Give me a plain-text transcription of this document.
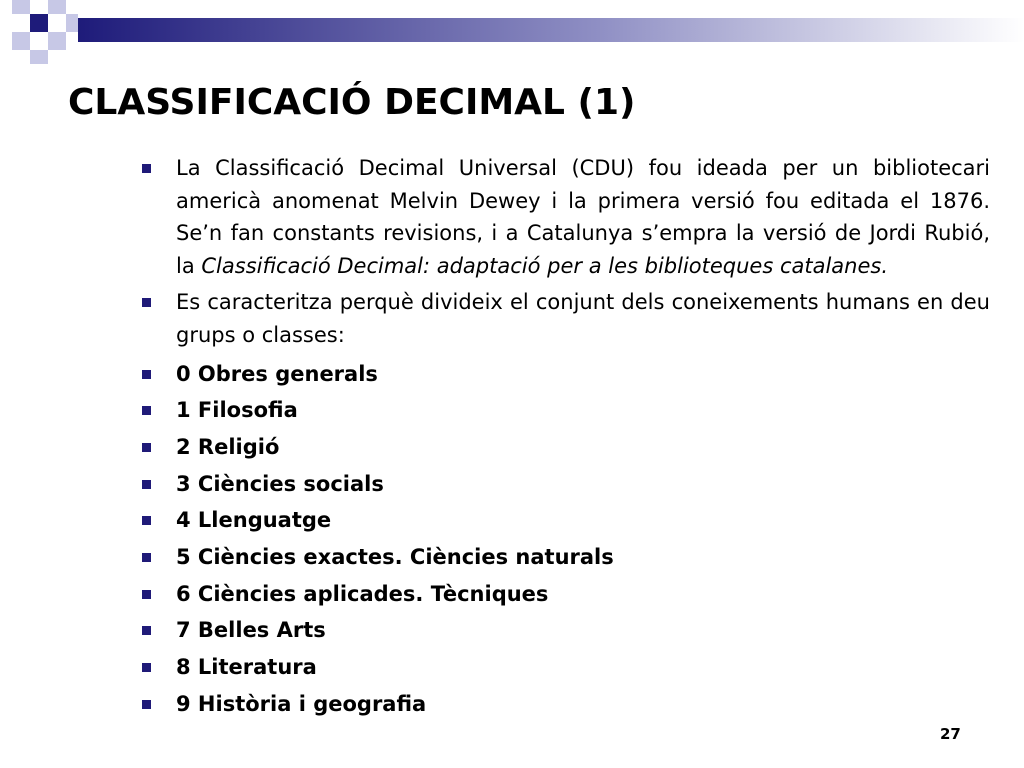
CLASSIFICACIÓ DECIMAL (1)
La Classificació Decimal Universal (CDU) fou ideada per un bibliotecari americà anomenat Melvin Dewey i la primera versió fou editada el 1876. Se’n fan constants revisions, i a Catalunya s’empra la versió de Jordi Rubió, la Classificació Decimal: adaptació per a les biblioteques catalanes.
Es caracteritza perquè divideix el conjunt dels coneixements humans en deu grups o classes:
0 Obres generals
1 Filosofia
2 Religió
3 Ciències socials
4 Llenguatge
5 Ciències exactes. Ciències naturals
6 Ciències aplicades. Tècniques
7 Belles Arts
8 Literatura
9 Història i geografia
27
